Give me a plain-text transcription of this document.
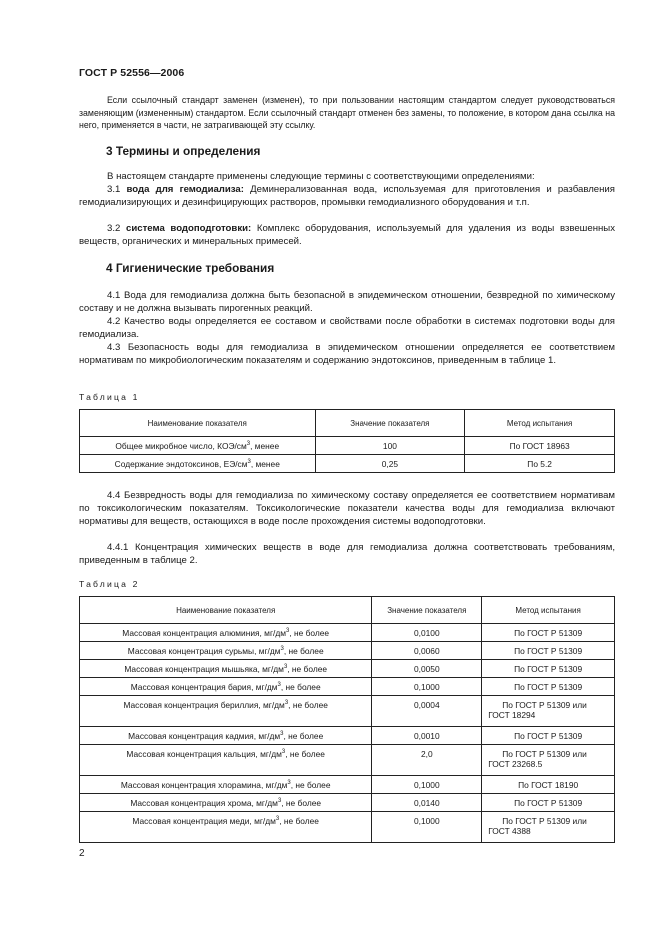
ГОСТ Р 52556—2006
Если ссылочный стандарт заменен (изменен), то при пользовании настоящим стандартом следует руководствоваться заменяющим (измененным) стандартом. Если ссылочный стандарт отменен без замены, то положение, в котором дана ссылка на него, применяется в части, не затрагивающей эту ссылку.
3 Термины и определения
В настоящем стандарте применены следующие термины с соответствующими определениями:
3.1 вода для гемодиализа: Деминерализованная вода, используемая для приготовления и разбавления гемодиализирующих и дезинфицирующих растворов, промывки гемодиализного оборудования и т.п.
3.2 система водоподготовки: Комплекс оборудования, используемый для удаления из воды взвешенных веществ, органических и минеральных примесей.
4 Гигиенические требования
4.1 Вода для гемодиализа должна быть безопасной в эпидемическом отношении, безвредной по химическому составу и не должна вызывать пирогенных реакций.
4.2 Качество воды определяется ее составом и свойствами после обработки в системах подготовки воды для гемодиализа.
4.3 Безопасность воды для гемодиализа в эпидемическом отношении определяется ее соответствием нормативам по микробиологическим показателям и содержанию эндотоксинов, приведенным в таблице 1.
Таблица 1
Наименование показателя	Значение показателя	Метод испытания
Общее микробное число, КОЭ/$см^3$, менее	100	По ГОСТ 18963
Содержание эндотоксинов, $ЕЭ/см^3$, менее	0,25	По 5.2
4.4 Безвредность воды для гемодиализа по химическому составу определяется ее соответствием нормативам по токсикологическим показателям. Токсикологические показатели качества воды для гемодиализа включают нормативы для веществ, остающихся в воде после прохождения системы водоподготовки.
4.4.1 Концентрация химических веществ в воде для гемодиализа должна соответствовать требованиям, приведенным в таблице 2.
Таблица 2
Наименование показателя	Значение показателя	Метод испытания
Массовая концентрация алюминия, $мг/дм^3$, не более	0,0100	По ГОСТ Р 51309
Массовая концентрация сурьмы, $мг/дм^3$, не более	0,0060	По ГОСТ Р 51309
Массовая концентрация мышьяка, $мг/дм^3$, не более	0,0050	По ГОСТ Р 51309
Массовая концентрация бария, $мг/дм^3$, не более	0,1000	По ГОСТ Р 51309
Массовая концентрация бериллия, $мг/дм^3$, не более	0,0004	По ГОСТ Р 51309 или
ГОСТ 18294

Массовая концентрация кадмия, $мг/дм^3$, не более	0,0010	По ГОСТ Р 51309
Массовая концентрация кальция, $мг/дм^3$, не более	2,0	По ГОСТ Р 51309 или
ГОСТ 23268.5

Массовая концентрация хлорамина, $мг/дм^3$, не более	0,1000	По ГОСТ 18190
Массовая концентрация хрома, $мг/дм^3$, не более	0,0140	По ГОСТ Р 51309
Массовая концентрация меди, $мг/дм^3$, не более	0,1000	По ГОСТ Р 51309 или
ГОСТ 4388
2
